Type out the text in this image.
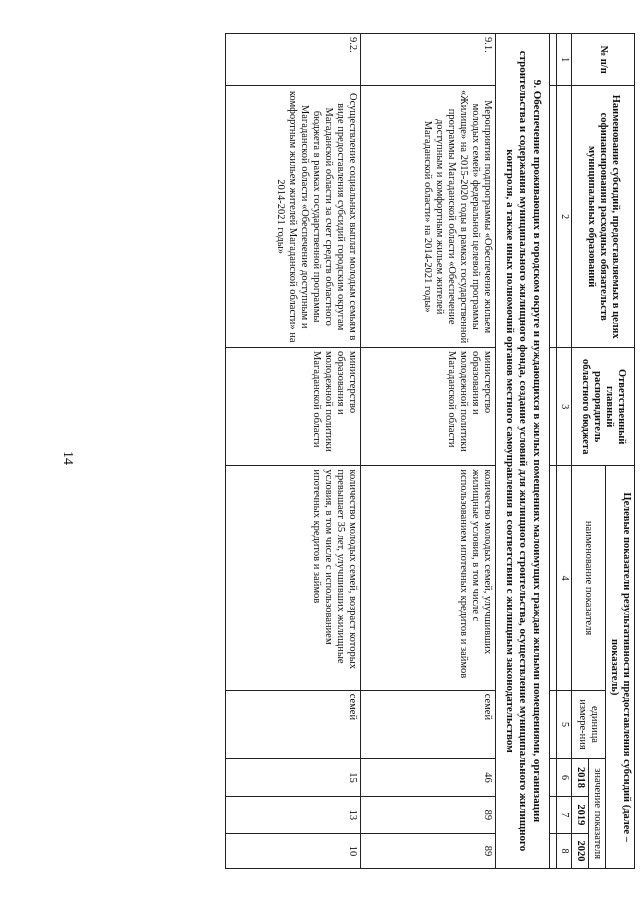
14
№ п/п	Наименование субсидий, предоставляемых в целях софинансирования расходных обязательств муниципальных образований	Ответственный главный распорядитель областного бюджета	Целевые показатели результативности предоставления субсидий (далее – показатель)				
			наименование показателя	единица измере-ния	значение показателя		
					2018	2019	2020
1	2	3	4	5	6	7	8

9. Обеспечение проживающих в городском округе и нуждающихся в жилых помещениях малоимущих граждан жилыми помещениями, организация строительства и содержания муниципального жилищного фонда, создание условий для жилищного строительства, осуществление муниципального жилищного контроля, а также иных полномочий органов местного самоуправления в соответствии с жилищным законодательством							
9.1.	Мероприятия подпрограммы «Обеспечение жильем молодых семей» федеральной целевой программы «Жилище» на 2015-2020 годы в рамках государственной программы Магаданской области «Обеспечение доступным и комфортным жильем жителей Магаданской области» на 2014-2021 годы»	министерство образования и молодежной политики Магаданской области	количество молодых семей, улучшивших жилищные условия, в том числе с использованием ипотечных кредитов и займов	семей	46	89	89
9.2.	Осуществление социальных выплат молодым семьям в виде предоставления субсидий городским округам Магаданской области за счет средств областного бюджета в рамках государственной программы Магаданской области «Обеспечение доступным и комфортным жильем жителей Магаданской области» на 2014-2021 годы»	министерство образования и молодежной политики Магаданской области	количество молодых семей, возраст которых превышает 35 лет, улучшивших жилищные условия, в том числе с использованием ипотечных кредитов и займов	семей	15	13	10
